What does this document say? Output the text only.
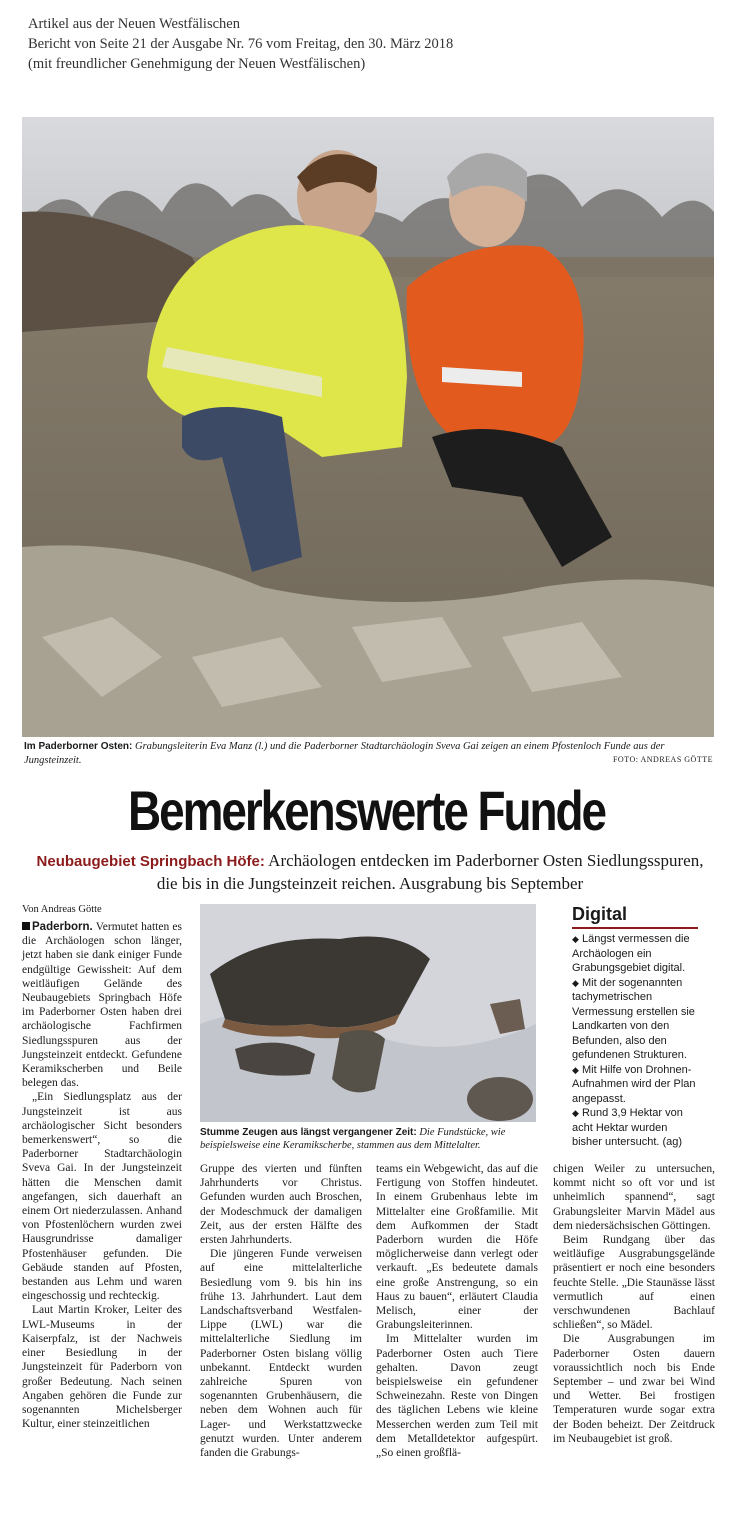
Artikel aus der Neuen Westfälischen
Bericht von Seite 21 der Ausgabe Nr. 76 vom Freitag, den 30. März 2018
(mit freundlicher Genehmigung der Neuen Westfälischen)
Im Paderborner Osten: Grabungsleiterin Eva Manz (l.) und die Paderborner Stadtarchäologin Sveva Gai zeigen an einem Pfostenloch Funde aus der Jungsteinzeit.	FOTO: ANDREAS GÖTTE
Bemerkenswerte Funde
Neubaugebiet Springbach Höfe: Archäologen entdecken im Paderborner Osten Siedlungsspuren, die bis in die Jungsteinzeit reichen. Ausgrabung bis September
Von Andreas Götte

Paderborn. Vermutet hatten es die Archäologen schon länger, jetzt haben sie dank einiger Funde endgültige Gewissheit: Auf dem weitläufigen Gelände des Neubaugebiets Springbach Höfe im Paderborner Osten haben drei archäologische Fachfirmen Siedlungsspuren aus der Jungsteinzeit entdeckt. Gefundene Keramikscherben und Beile belegen das.

„Ein Siedlungsplatz aus der Jungsteinzeit ist aus archäologischer Sicht besonders bemerkenswert“, so die Paderborner Stadtarchäologin Sveva Gai. In der Jungsteinzeit hätten die Menschen damit angefangen, sich dauerhaft an einem Ort niederzulassen. Anhand von Pfostenlöchern wurden zwei Hausgrundrisse damaliger Pfostenhäuser gefunden. Die Gebäude standen auf Pfosten, bestanden aus Lehm und waren eingeschossig und rechteckig.

Laut Martin Kroker, Leiter des LWL-Museums in der Kaiserpfalz, ist der Nachweis einer Besiedlung in der Jungsteinzeit für Paderborn von großer Bedeutung. Nach seinen Angaben gehören die Funde zur sogenannten Michelsberger Kultur, einer steinzeitlichen

Stumme Zeugen aus längst vergangener Zeit: Die Fundstücke, wie beispielsweise eine Keramikscherbe, stammen aus dem Mittelalter.

Gruppe des vierten und fünften Jahrhunderts vor Christus. Gefunden wurden auch Broschen, der Modeschmuck der damaligen Zeit, aus der ersten Hälfte des ersten Jahrhunderts.

Die jüngeren Funde verweisen auf eine mittelalterliche Besiedlung vom 9. bis hin ins frühe 13. Jahrhundert. Laut dem Landschaftsverband Westfalen-Lippe (LWL) war die mittelalterliche Siedlung im Paderborner Osten bislang völlig unbekannt. Entdeckt wurden zahlreiche Spuren von sogenannten Grubenhäusern, die neben dem Wohnen auch für Lager- und Werkstattzwecke genutzt wurden. Unter anderem fanden die Grabungs-

teams ein Webgewicht, das auf die Fertigung von Stoffen hindeutet. In einem Grubenhaus lebte im Mittelalter eine Großfamilie. Mit dem Aufkommen der Stadt Paderborn wurden die Höfe möglicherweise dann verlegt oder verkauft. „Es bedeutete damals eine große Anstrengung, so ein Haus zu bauen“, erläutert Claudia Melisch, einer der Grabungsleiterinnen.

Im Mittelalter wurden im Paderborner Osten auch Tiere gehalten. Davon zeugt beispielsweise ein gefundener Schweinezahn. Reste von Dingen des täglichen Lebens wie kleine Messerchen werden zum Teil mit dem Metalldetektor aufgespürt. „So einen großflä-

chigen Weiler zu untersuchen, kommt nicht so oft vor und ist unheimlich spannend“, sagt Grabungsleiter Marvin Mädel aus dem niedersächsischen Göttingen.

Beim Rundgang über das weitläufige Ausgrabungsgelände präsentiert er noch eine besonders feuchte Stelle. „Die Staunässe lässt vermutlich auf einen verschwundenen Bachlauf schließen“, so Mädel.

Die Ausgrabungen im Paderborner Osten dauern voraussichtlich noch bis Ende September – und zwar bei Wind und Wetter. Bei frostigen Temperaturen wurde sogar extra der Boden beheizt. Der Zeitdruck im Neubaugebiet ist groß.

Digital
◆ Längst vermessen die Archäologen ein Grabungsgebiet digital.
◆ Mit der sogenannten tachymetrischen Vermessung erstellen sie Landkarten von den Befunden, also den gefundenen Strukturen.
◆ Mit Hilfe von Drohnen-Aufnahmen wird der Plan angepasst.
◆ Rund 3,9 Hektar von acht Hektar wurden bisher untersucht. (ag)
